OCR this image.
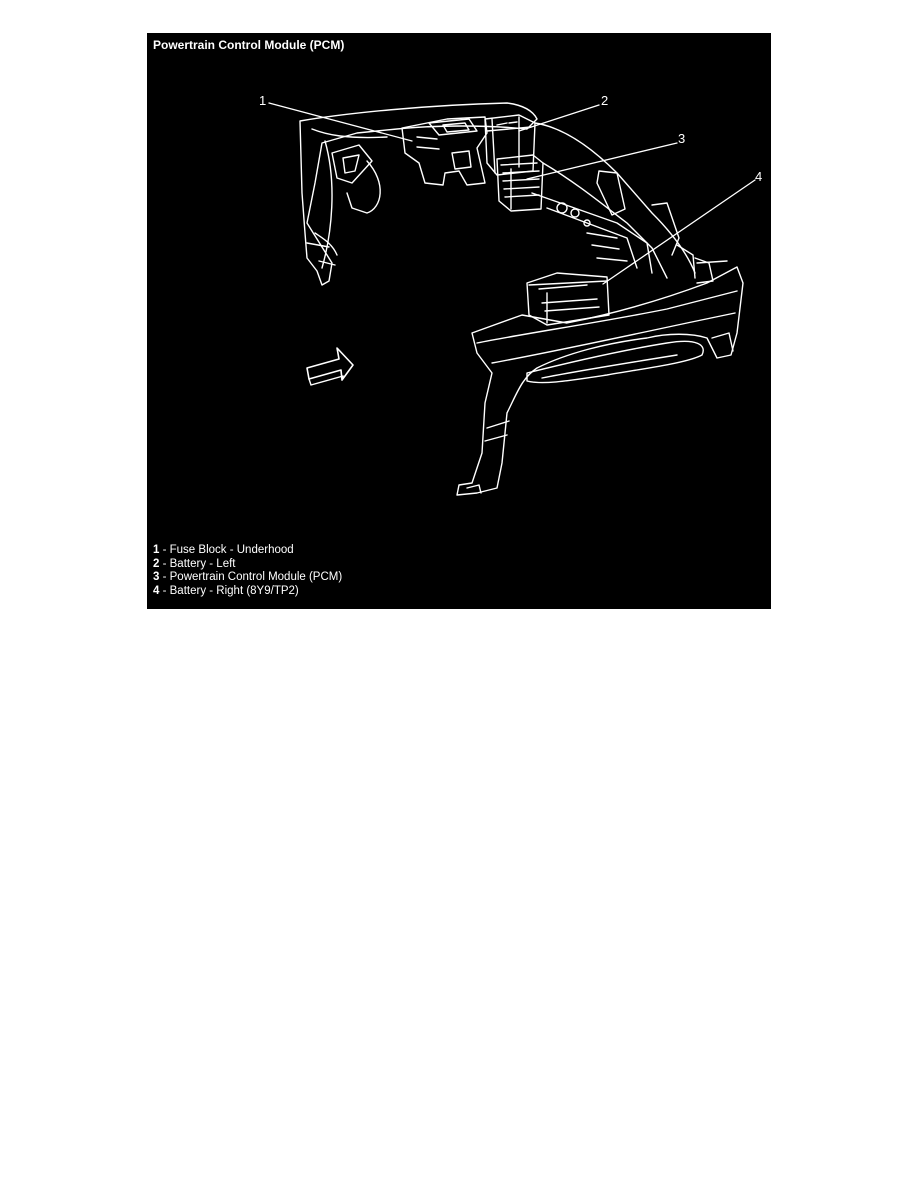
Powertrain Control Module (PCM)
1	2
3
4
1 - Fuse Block - Underhood
2 - Battery - Left
3 - Powertrain Control Module (PCM)
4 - Battery - Right (8Y9/TP2)
